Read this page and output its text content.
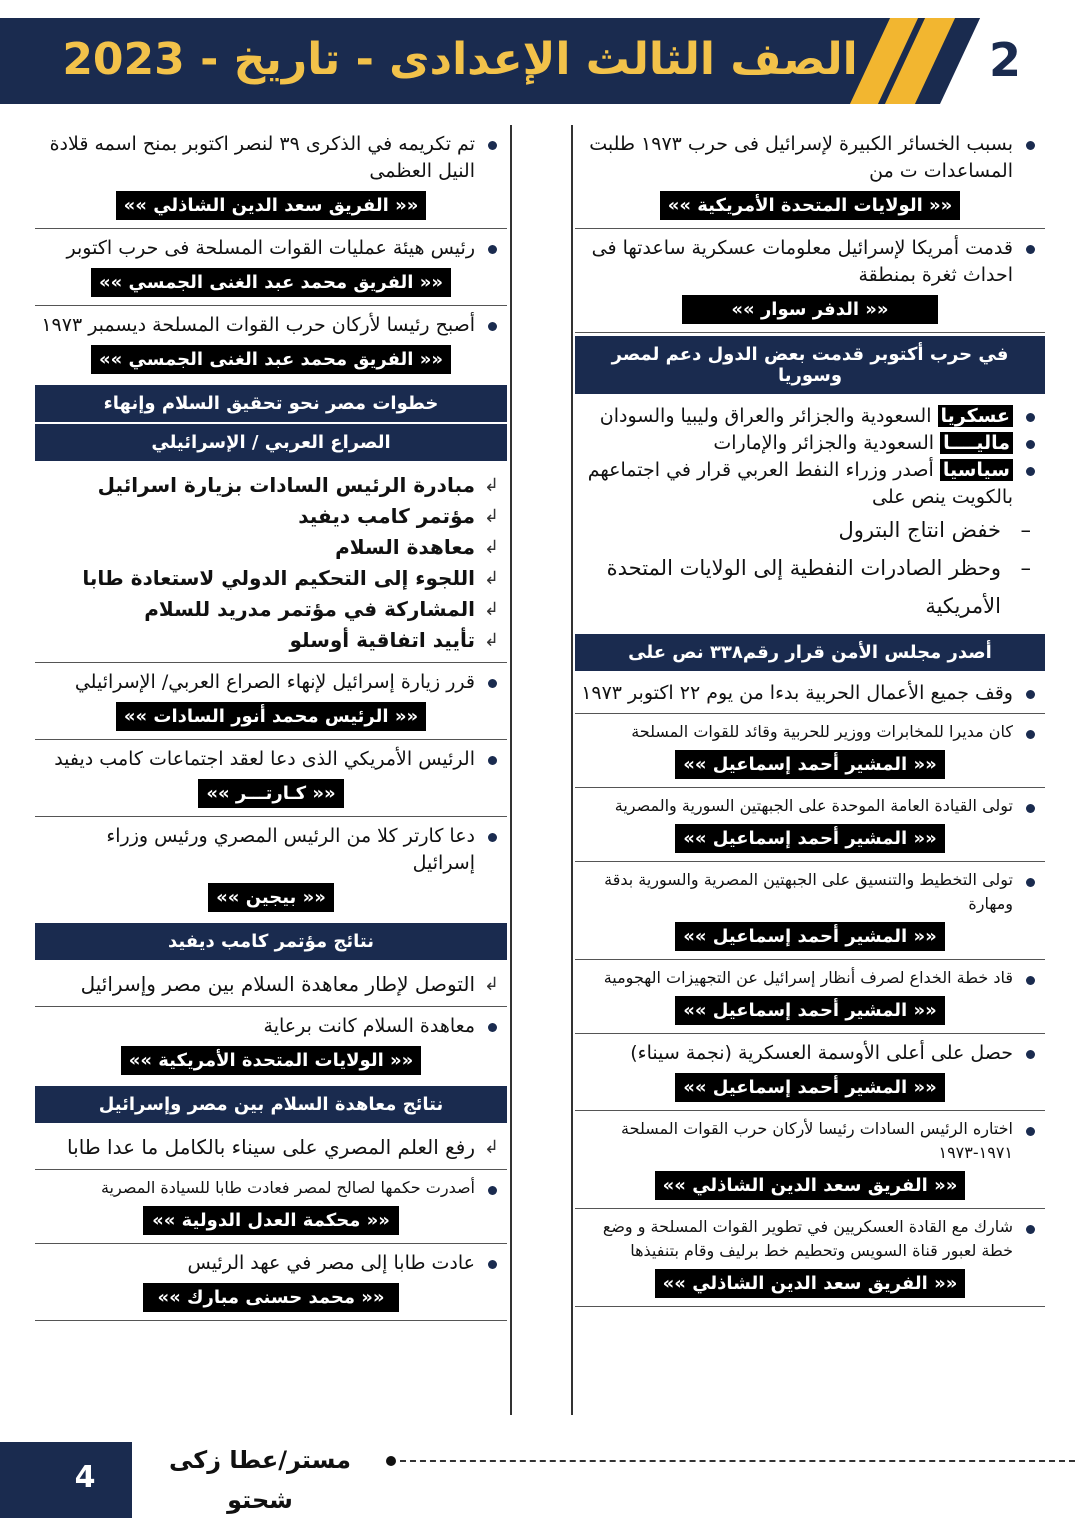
2
الصف الثالث الإعدادى - تاريخ - 2023
بسبب الخسائر الكبيرة لإسرائيل فى حرب ١٩٧٣ طلبت المساعدات ت من
«« الولايات المتحدة الأمريكية »»
قدمت أمريكا لإسرائيل معلومات عسكرية ساعدتها فى احداث ثغرة بمنطقة
«« الدفر سوار »»
في حرب أكتوبر قدمت بعض الدول دعم لمصر وسوريا
عسكريا السعودية والجزائر والعراق وليبيا والسودان
ماليــــا السعودية والجزائر والإمارات
سياسيا أصدر وزراء النفط العربي قرار في اجتماعهم بالكويت ينص على
– خفض انتاج البترول
– وحظر الصادرات النفطية إلى الولايات المتحدة الأمريكية
أصدر مجلس الأمن قرار رقم٣٣٨ نص على
وقف جميع الأعمال الحربية بدءا من يوم ٢٢ اكتوبر ١٩٧٣
كان مديرا للمخابرات ووزير للحربية وقائد للقوات المسلحة
«« المشير أحمد إسماعيل »»
تولى القيادة العامة الموحدة على الجبهتين السورية والمصرية
«« المشير أحمد إسماعيل »»
تولى التخطيط والتنسيق على الجبهتين المصرية والسورية بدقة ومهارة
«« المشير أحمد إسماعيل »»
قاد خطة الخداع لصرف أنظار إسرائيل عن التجهيزات الهجومية
«« المشير أحمد إسماعيل »»
حصل على أعلى الأوسمة العسكرية (نجمة سيناء)
«« المشير أحمد إسماعيل »»
اختاره الرئيس السادات رئيسا لأركان حرب القوات المسلحة ١٩٧١-١٩٧٣
«« الفريق سعد الدين الشاذلي »»
شارك مع القادة العسكريين في تطوير القوات المسلحة و وضع خطة لعبور قناة السويس وتحطيم خط برليف وقام بتنفيذها
«« الفريق سعد الدين الشاذلي »»
تم تكريمه في الذكرى ٣٩ لنصر اكتوبر بمنح اسمه قلادة النيل العظمى
«« الفريق سعد الدين الشاذلي »»
رئيس هيئة عمليات القوات المسلحة فى حرب اكتوبر
«« الفريق محمد عبد الغنى الجمسي »»
أصبح رئيسا لأركان حرب القوات المسلحة ديسمبر ١٩٧٣
«« الفريق محمد عبد الغنى الجمسي »»
خطوات مصر نحو تحقيق السلام وإنهاء
الصراع العربي / الإسرائيلي
↲ مبادرة الرئيس السادات بزيارة اسرائيل
↲ مؤتمر كامب ديفيد
↲ معاهدة السلام
↲ اللجوء إلى التحكيم الدولي لاستعادة طابا
↲ المشاركة في مؤتمر مدريد للسلام
↲ تأييد اتفاقية أوسلو
قرر زيارة إسرائيل لإنهاء الصراع العربي/ الإسرائيلي
«« الرئيس محمد أنور السادات »»
الرئيس الأمريكي الذى دعا لعقد اجتماعات كامب ديفيد
«« كـارتـــر »»
دعا كارتر كلا من الرئيس المصري ورئيس وزراء إسرائيل
«« بيجين »»
نتائج مؤتمر كامب ديفيد
↲ التوصل لإطار معاهدة السلام بين مصر وإسرائيل
معاهدة السلام كانت برعاية
«« الولايات المتحدة الأمريكية »»
نتائج معاهدة السلام بين مصر وإسرائيل
↲ رفع العلم المصري على سيناء بالكامل ما عدا طابا
أصدرت حكمها لصالح لمصر فعادت طابا للسيادة المصرية
«« محكمة العدل الدولية »»
عادت طابا إلى مصر في عهد الرئيس
«« محمد حسنى مبارك »»
4	مستر/عطا زكى شحتو
